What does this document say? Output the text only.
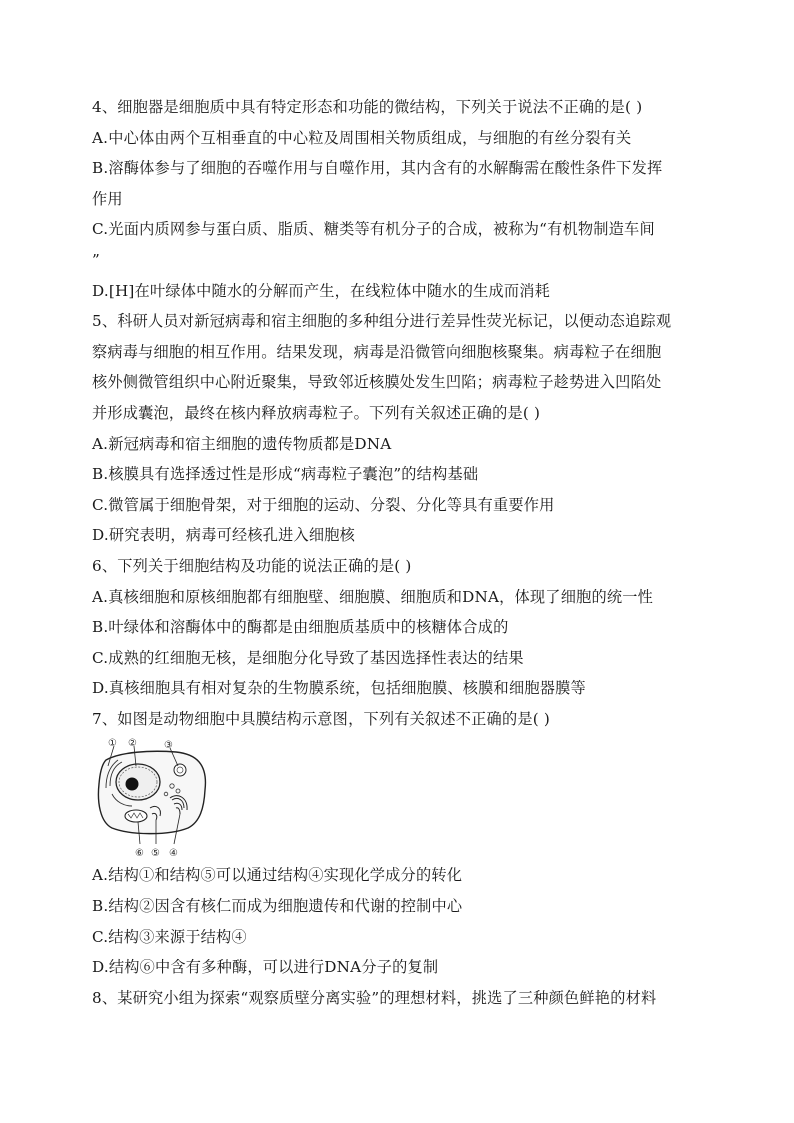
4、细胞器是细胞质中具有特定形态和功能的微结构，下列关于说法不正确的是( )
A.中心体由两个互相垂直的中心粒及周围相关物质组成，与细胞的有丝分裂有关
B.溶酶体参与了细胞的吞噬作用与自噬作用，其内含有的水解酶需在酸性条件下发挥
作用
C.光面内质网参与蛋白质、脂质、糖类等有机分子的合成，被称为“有机物制造车间
”
D.[H]在叶绿体中随水的分解而产生，在线粒体中随水的生成而消耗
5、科研人员对新冠病毒和宿主细胞的多种组分进行差异性荧光标记，以便动态追踪观
察病毒与细胞的相互作用。结果发现，病毒是沿微管向细胞核聚集。病毒粒子在细胞
核外侧微管组织中心附近聚集，导致邻近核膜处发生凹陷；病毒粒子趁势进入凹陷处
并形成囊泡，最终在核内释放病毒粒子。下列有关叙述正确的是( )
A.新冠病毒和宿主细胞的遗传物质都是DNA
B.核膜具有选择透过性是形成“病毒粒子囊泡”的结构基础
C.微管属于细胞骨架，对于细胞的运动、分裂、分化等具有重要作用
D.研究表明，病毒可经核孔进入细胞核
6、下列关于细胞结构及功能的说法正确的是( )
A.真核细胞和原核细胞都有细胞壁、细胞膜、细胞质和DNA，体现了细胞的统一性
B.叶绿体和溶酶体中的酶都是由细胞质基质中的核糖体合成的
C.成熟的红细胞无核，是细胞分化导致了基因选择性表达的结果
D.真核细胞具有相对复杂的生物膜系统，包括细胞膜、核膜和细胞器膜等
7、如图是动物细胞中具膜结构示意图，下列有关叙述不正确的是( )
① ②	③
⑥ ⑤ ④
A.结构①和结构⑤可以通过结构④实现化学成分的转化
B.结构②因含有核仁而成为细胞遗传和代谢的控制中心
C.结构③来源于结构④
D.结构⑥中含有多种酶，可以进行DNA分子的复制
8、某研究小组为探索“观察质壁分离实验”的理想材料，挑选了三种颜色鲜艳的材料
